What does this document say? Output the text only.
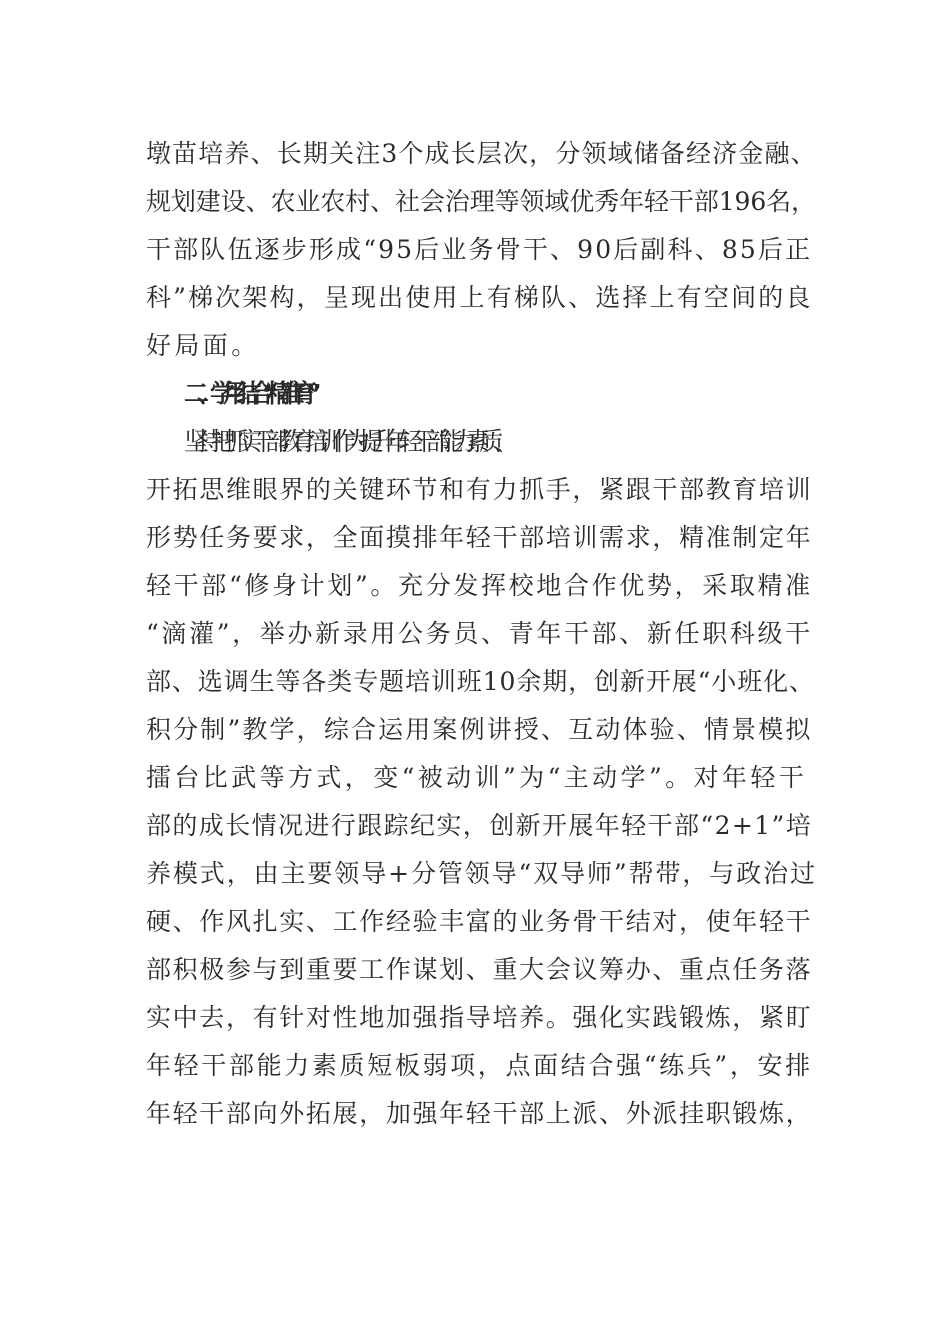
墩苗培养、长期关注3个成长层次，分领域储备经济金融、
规划建设、农业农村、社会治理等领域优秀年轻干部196名，
干部队伍逐步形成“95后业务骨干、90后副科、85后正
科”梯次架构，呈现出使用上有梯队、选择上有空间的良
好局面。
二、学用结合“精准育”
坚持把抓实干部教育培训作为提升年轻干部能力素质、
开拓思维眼界的关键环节和有力抓手，紧跟干部教育培训
形势任务要求，全面摸排年轻干部培训需求，精准制定年
轻干部“修身计划”。充分发挥校地合作优势，采取精准
“滴灌”，举办新录用公务员、青年干部、新任职科级干
部、选调生等各类专题培训班10余期，创新开展“小班化、
积分制”教学，综合运用案例讲授、互动体验、情景模拟
擂台比武等方式，变“被动训”为“主动学”。对年轻干
部的成长情况进行跟踪纪实，创新开展年轻干部“2+1”培
养模式，由主要领导+分管领导“双导师”帮带，与政治过
硬、作风扎实、工作经验丰富的业务骨干结对，使年轻干
部积极参与到重要工作谋划、重大会议筹办、重点任务落
实中去，有针对性地加强指导培养。强化实践锻炼，紧盯
年轻干部能力素质短板弱项，点面结合强“练兵”，安排
年轻干部向外拓展，加强年轻干部上派、外派挂职锻炼，
